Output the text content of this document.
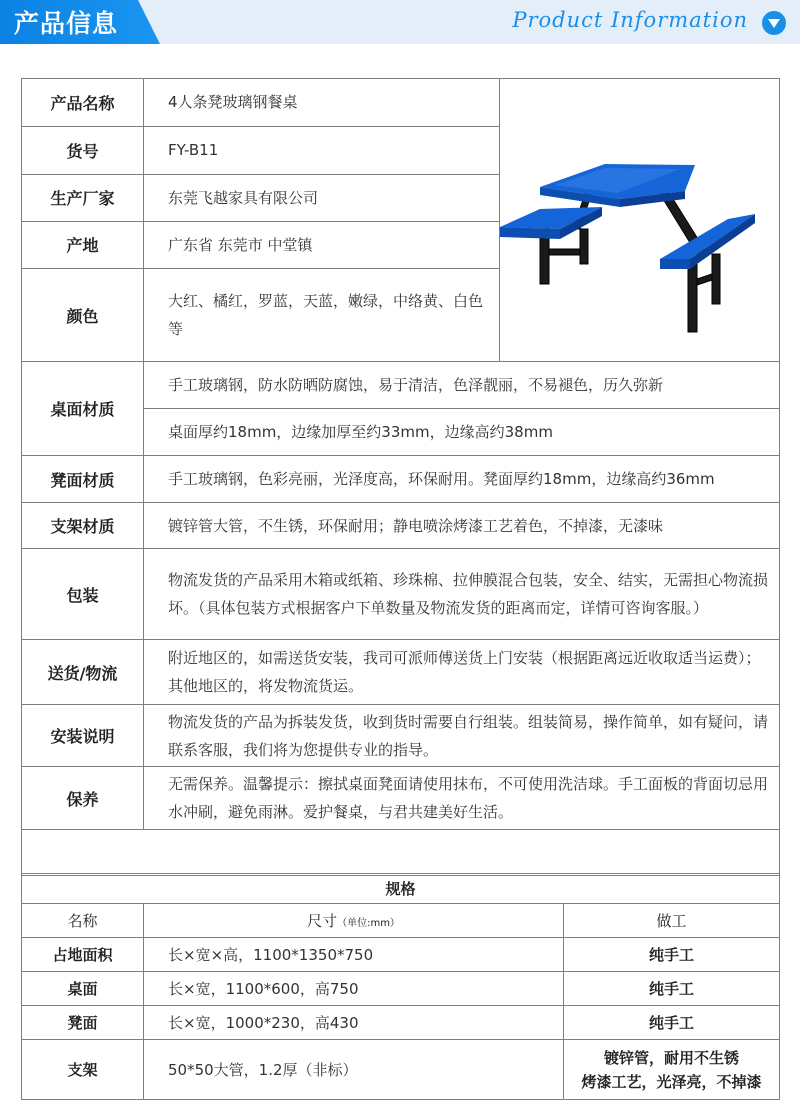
产品信息	Product Information
产品名称	4人条凳玻璃钢餐桌	
货号	FY-B11	
生产厂家	东莞飞越家具有限公司	
产地	广东省 东莞市 中堂镇	
颜色	大红、橘红，罗蓝，天蓝，嫩绿，中络黄、白色等	
桌面材质	手工玻璃钢，防水防晒防腐蚀，易于清洁，色泽靓丽，不易褪色，历久弥新	
	桌面厚约18mm，边缘加厚至约33mm，边缘高约38mm	
凳面材质	手工玻璃钢，色彩亮丽，光泽度高，环保耐用。凳面厚约18mm，边缘高约36mm	
支架材质	镀锌管大管，不生锈，环保耐用；静电喷涂烤漆工艺着色，不掉漆，无漆味	
包装	物流发货的产品采用木箱或纸箱、珍珠棉、拉伸膜混合包装，安全、结实，无需担心物流损坏。（具体包装方式根据客户下单数量及物流发货的距离而定，详情可咨询客服。）	
送货/物流	附近地区的，如需送货安装，我司可派师傅送货上门安装（根据距离远近收取适当运费）；其他地区的，将发物流货运。	
安装说明	物流发货的产品为拆装发货，收到货时需要自行组装。组装简易，操作简单，如有疑问，请联系客服，我们将为您提供专业的指导。	
保养	无需保养。温馨提示：擦拭桌面凳面请使用抹布，不可使用洗洁球。手工面板的背面切忌用水冲刷，避免雨淋。爱护餐桌，与君共建美好生活。	

规格		
名称	尺寸（单位:mm）	做工
占地面积	长×宽×高，1100*1350*750	纯手工
桌面	长×宽，1100*600，高750	纯手工
凳面	长×宽，1000*230，高430	纯手工
支架	50*50大管，1.2厚（非标）	镀锌管，耐用不生锈
烤漆工艺，光泽亮，不掉漆
